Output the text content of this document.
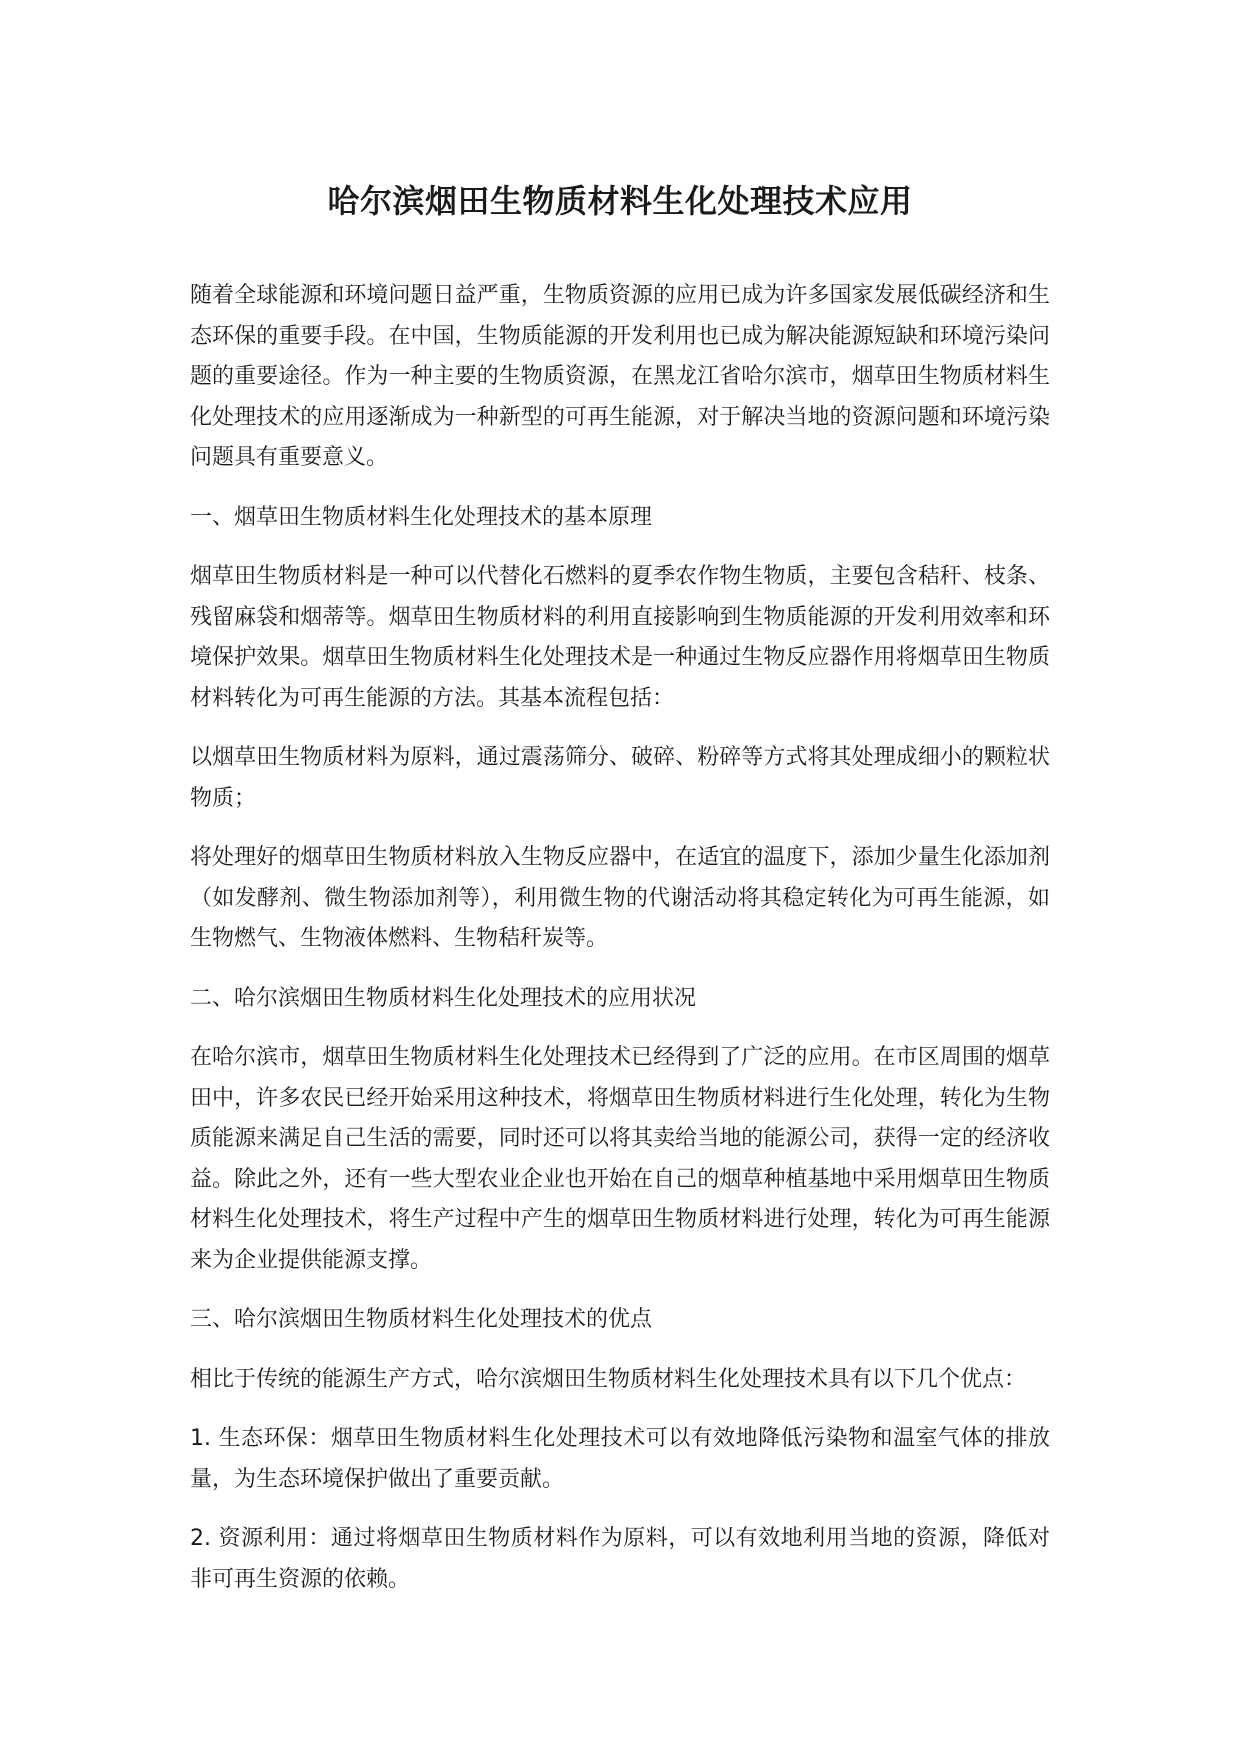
哈尔滨烟田生物质材料生化处理技术应用

随着全球能源和环境问题日益严重，生物质资源的应用已成为许多国家发展低碳经济和生态环保的重要手段。在中国，生物质能源的开发利用也已成为解决能源短缺和环境污染问题的重要途径。作为一种主要的生物质资源，在黑龙江省哈尔滨市，烟草田生物质材料生化处理技术的应用逐渐成为一种新型的可再生能源，对于解决当地的资源问题和环境污染问题具有重要意义。

一、烟草田生物质材料生化处理技术的基本原理

烟草田生物质材料是一种可以代替化石燃料的夏季农作物生物质，主要包含秸秆、枝条、残留麻袋和烟蒂等。烟草田生物质材料的利用直接影响到生物质能源的开发利用效率和环境保护效果。烟草田生物质材料生化处理技术是一种通过生物反应器作用将烟草田生物质材料转化为可再生能源的方法。其基本流程包括：

以烟草田生物质材料为原料，通过震荡筛分、破碎、粉碎等方式将其处理成细小的颗粒状物质；

将处理好的烟草田生物质材料放入生物反应器中，在适宜的温度下，添加少量生化添加剂（如发酵剂、微生物添加剂等），利用微生物的代谢活动将其稳定转化为可再生能源，如生物燃气、生物液体燃料、生物秸秆炭等。

二、哈尔滨烟田生物质材料生化处理技术的应用状况

在哈尔滨市，烟草田生物质材料生化处理技术已经得到了广泛的应用。在市区周围的烟草田中，许多农民已经开始采用这种技术，将烟草田生物质材料进行生化处理，转化为生物质能源来满足自己生活的需要，同时还可以将其卖给当地的能源公司，获得一定的经济收益。除此之外，还有一些大型农业企业也开始在自己的烟草种植基地中采用烟草田生物质材料生化处理技术，将生产过程中产生的烟草田生物质材料进行处理，转化为可再生能源来为企业提供能源支撑。

三、哈尔滨烟田生物质材料生化处理技术的优点

相比于传统的能源生产方式，哈尔滨烟田生物质材料生化处理技术具有以下几个优点：

1. 生态环保：烟草田生物质材料生化处理技术可以有效地降低污染物和温室气体的排放量，为生态环境保护做出了重要贡献。

2. 资源利用：通过将烟草田生物质材料作为原料，可以有效地利用当地的资源，降低对非可再生资源的依赖。
